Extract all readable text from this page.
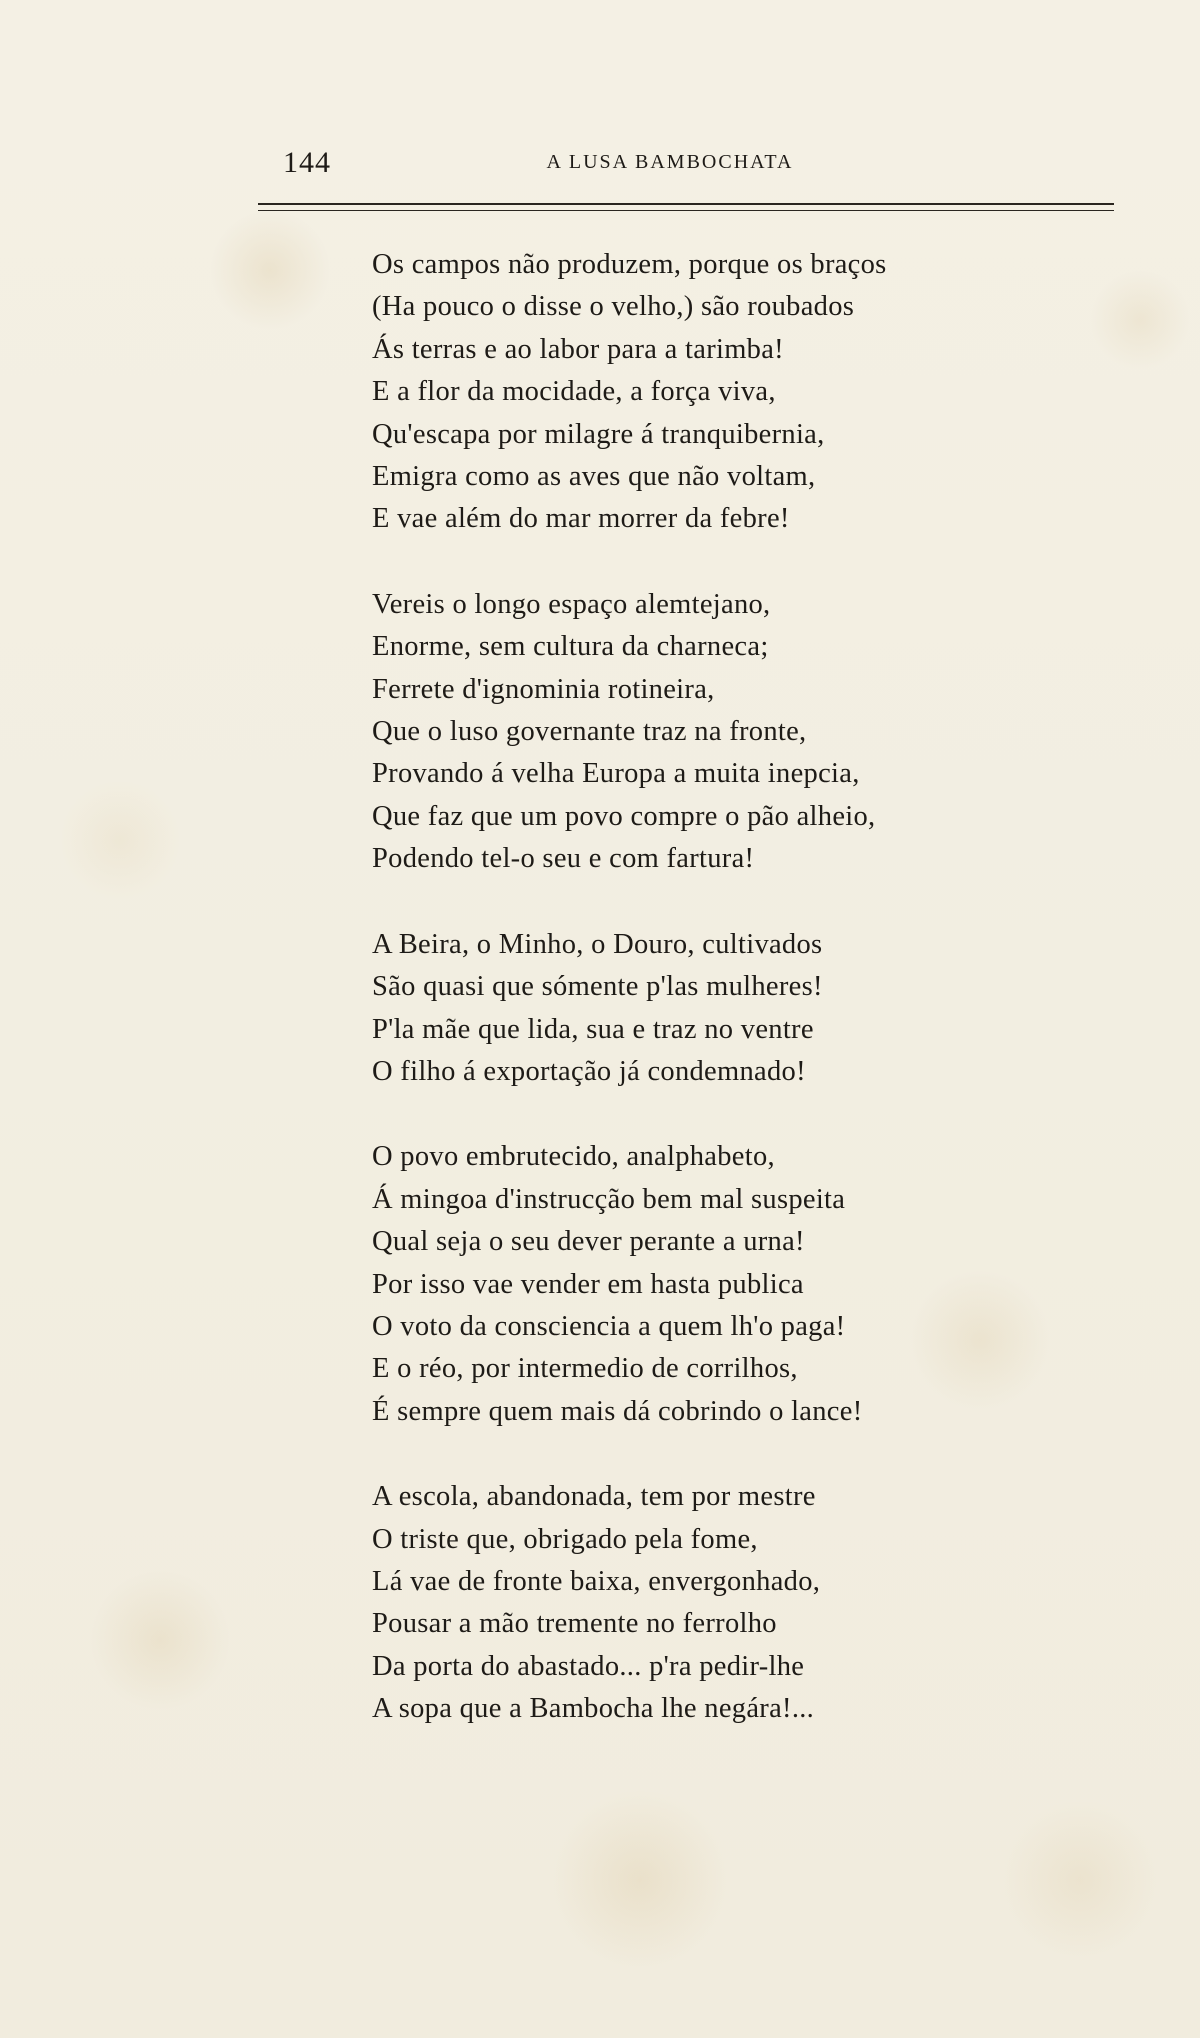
144	A LUSA BAMBOCHATA
Os campos não produzem, porque os braços
(Ha pouco o disse o velho,) são roubados
Ás terras e ao labor para a tarimba!
E a flor da mocidade, a força viva,
Qu'escapa por milagre á tranquibernia,
Emigra como as aves que não voltam,
E vae além do mar morrer da febre!
Vereis o longo espaço alemtejano,
Enorme, sem cultura da charneca;
Ferrete d'ignominia rotineira,
Que o luso governante traz na fronte,
Provando á velha Europa a muita inepcia,
Que faz que um povo compre o pão alheio,
Podendo tel-o seu e com fartura!
A Beira, o Minho, o Douro, cultivados
São quasi que sómente p'las mulheres!
P'la mãe que lida, sua e traz no ventre
O filho á exportação já condemnado!
O povo embrutecido, analphabeto,
Á mingoa d'instrucção bem mal suspeita
Qual seja o seu dever perante a urna!
Por isso vae vender em hasta publica
O voto da consciencia a quem lh'o paga!
E o réo, por intermedio de corrilhos,
É sempre quem mais dá cobrindo o lance!
A escola, abandonada, tem por mestre
O triste que, obrigado pela fome,
Lá vae de fronte baixa, envergonhado,
Pousar a mão tremente no ferrolho
Da porta do abastado... p'ra pedir-lhe
A sopa que a Bambocha lhe negára!...
